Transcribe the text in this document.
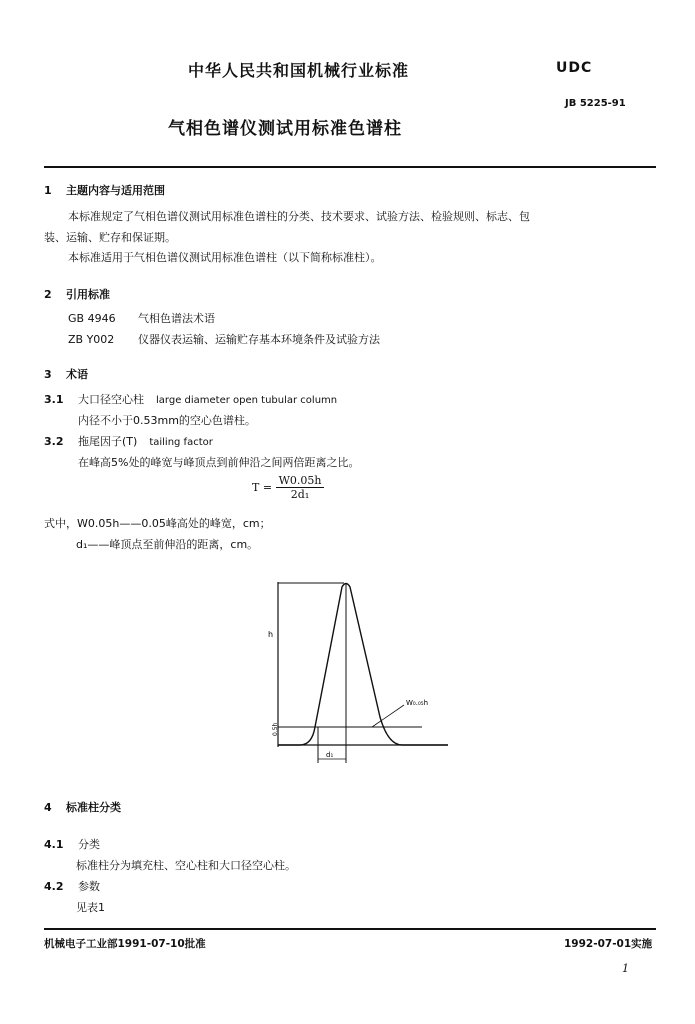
中华人民共和国机械行业标准	UDC
JB 5225-91
气相色谱仪测试用标准色谱柱
1 主题内容与适用范围
本标准规定了气相色谱仪测试用标准色谱柱的分类、技术要求、试验方法、检验规则、标志、包
装、运输、贮存和保证期。
本标准适用于气相色谱仪测试用标准色谱柱（以下简称标准柱）。
2 引用标准
GB 4946 气相色谱法术语
ZB Y002 仪器仪表运输、运输贮存基本环境条件及试验方法
3 术语
3.1 大口径空心柱 large diameter open tubular column
内径不小于0.53mm的空心色谱柱。
3.2 拖尾因子(T) tailing factor
在峰高5%处的峰宽与峰顶点到前伸沿之间两倍距离之比。
$T = \frac{W0.05h}{\text{2d₁}}$
式中，W0.05h——0.05峰高处的峰宽，cm；
d₁——峰顶点至前伸沿的距离，cm。
h
0.5h
W₀.₀₅h
d₁
4 标准柱分类
4.1 分类
标准柱分为填充柱、空心柱和大口径空心柱。
4.2 参数
见表1
机械电子工业部1991-07-10批准	1992-07-01实施
1
